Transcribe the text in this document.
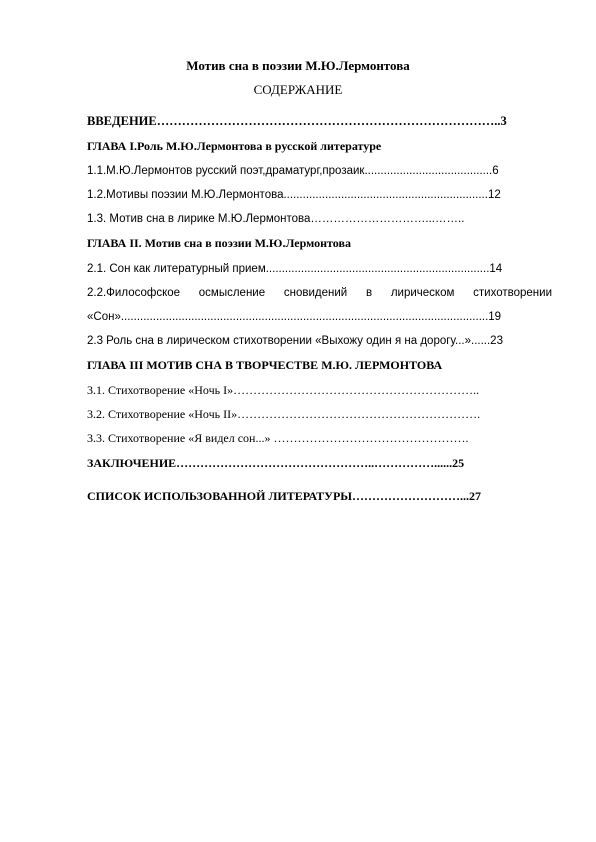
Мотив сна в поэзии М.Ю.Лермонтова
СОДЕРЖАНИЕ
ВВЕДЕНИЕ………………………………………………………………………..3
ГЛАВА I.Роль М.Ю.Лермонтова в русской литературе
1.1.М.Ю.Лермонтов русский поэт,драматург,прозаик........................................6
1.2.Мотивы поэзии М.Ю.Лермонтова................................................................12
1.3. Мотив сна в лирике М.Ю.Лермонтова…………………………...……..
ГЛАВА II. Мотив сна в поэзии М.Ю.Лермонтова
2.1. Сон как литературный прием......................................................................14
2.2.Философское осмысление сновидений в лирическом стихотворении
«Сон»...................................................................................................................19
2.3 Роль сна в лирическом стихотворении «Выхожу один я на дорогу...»......23
ГЛАВА III МОТИВ СНА В ТВОРЧЕСТВЕ М.Ю. ЛЕРМОНТОВА
3.1. Стихотворение «Ночь I»……………………………………………………..
3.2. Стихотворение «Ночь II»…………………………………………………….
3.3. Стихотворение «Я видел сон...» ………………………………………….
ЗАКЛЮЧЕНИЕ…………………………………………..……………......25
СПИСОК ИСПОЛЬЗОВАННОЙ ЛИТЕРАТУРЫ………………………...27
